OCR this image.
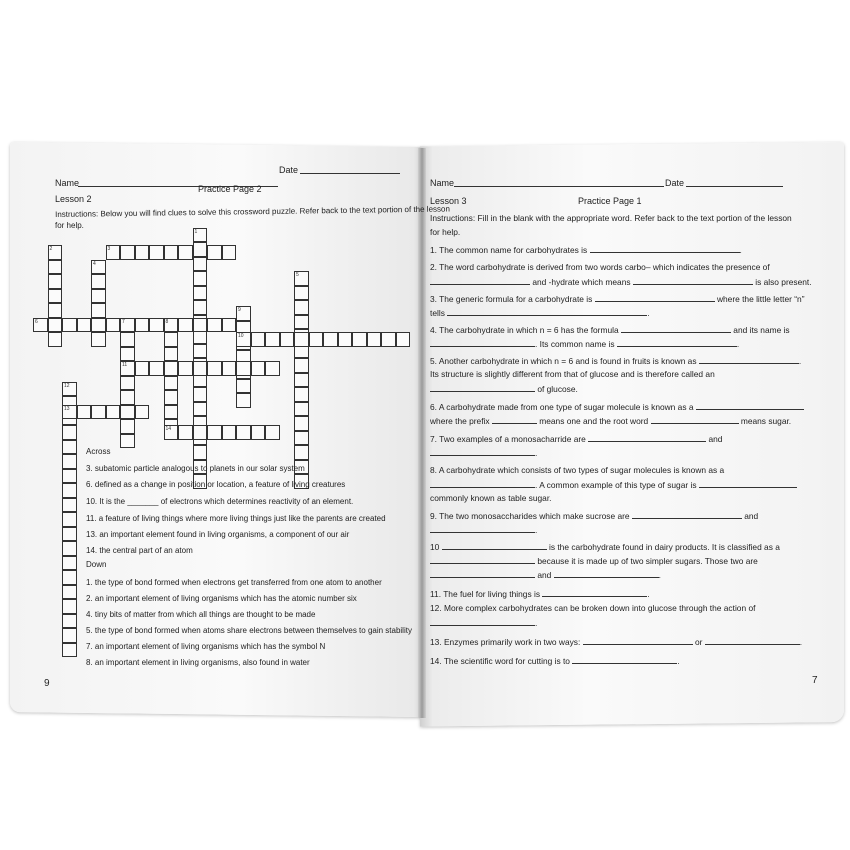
Name
Date
Lesson 2
Practice Page 2
Instructions: Below you will find clues to solve this crossword puzzle. Refer back to the text portion of the lesson
for help.
3
1
2
4
5
6	7	8
11
9
10
12
13
14
Across
3. subatomic particle analogous to planets in our solar system
6. defined as a change in position or location, a feature of living creatures
10. It is the _______ of electrons which determines reactivity of an element.
11. a feature of living things where more living things just like the parents are created
13. an important element found in living organisms, a component of our air
14. the central part of an atom
Down
1. the type of bond formed when electrons get transferred from one atom to another
2. an important element of living organisms which has the atomic number six
4. tiny bits of matter from which all things are thought to be made
5. the type of bond formed when atoms share electrons between themselves to gain stability
7. an important element of living organisms which has the symbol N
8. an important element in living organisms, also found in water
6
Name	Date
Lesson 3	Practice Page 1
Instructions: Fill in the blank with the appropriate word. Refer back to the text portion of the lesson
for help.
1. The common name for carbohydrates is	.
2. The word carbohydrate is derived from two words carbo– which indicates the presence of
and -hydrate which means	is also present.
3. The generic formula for a carbohydrate is	where the little letter “n”
tells	.
4. The carbohydrate in which n = 6 has the formula	and its name is
. Its common name is	.
5. Another carbohydrate in which n = 6 and is found in fruits is known as	.
Its structure is slightly different from that of glucose and is therefore called an
of glucose.
6. A carbohydrate made from one type of sugar molecule is known as a
where the prefix	means one and the root word	means sugar.
7. Two examples of a monosacharride are	and
.
8. A carbohydrate which consists of two types of sugar molecules is known as a
. A common example of this type of sugar is
commonly known as table sugar.
9. The two monosaccharides which make sucrose are	and
.
10	is the carbohydrate found in dairy products. It is classified as a
because it is made up of two simpler sugars. Those two are
and	.
11. The fuel for living things is	.
12. More complex carbohydrates can be broken down into glucose through the action of
.
13. Enzymes primarily work in two ways:	or	.
14. The scientific word for cutting is to	.
7
